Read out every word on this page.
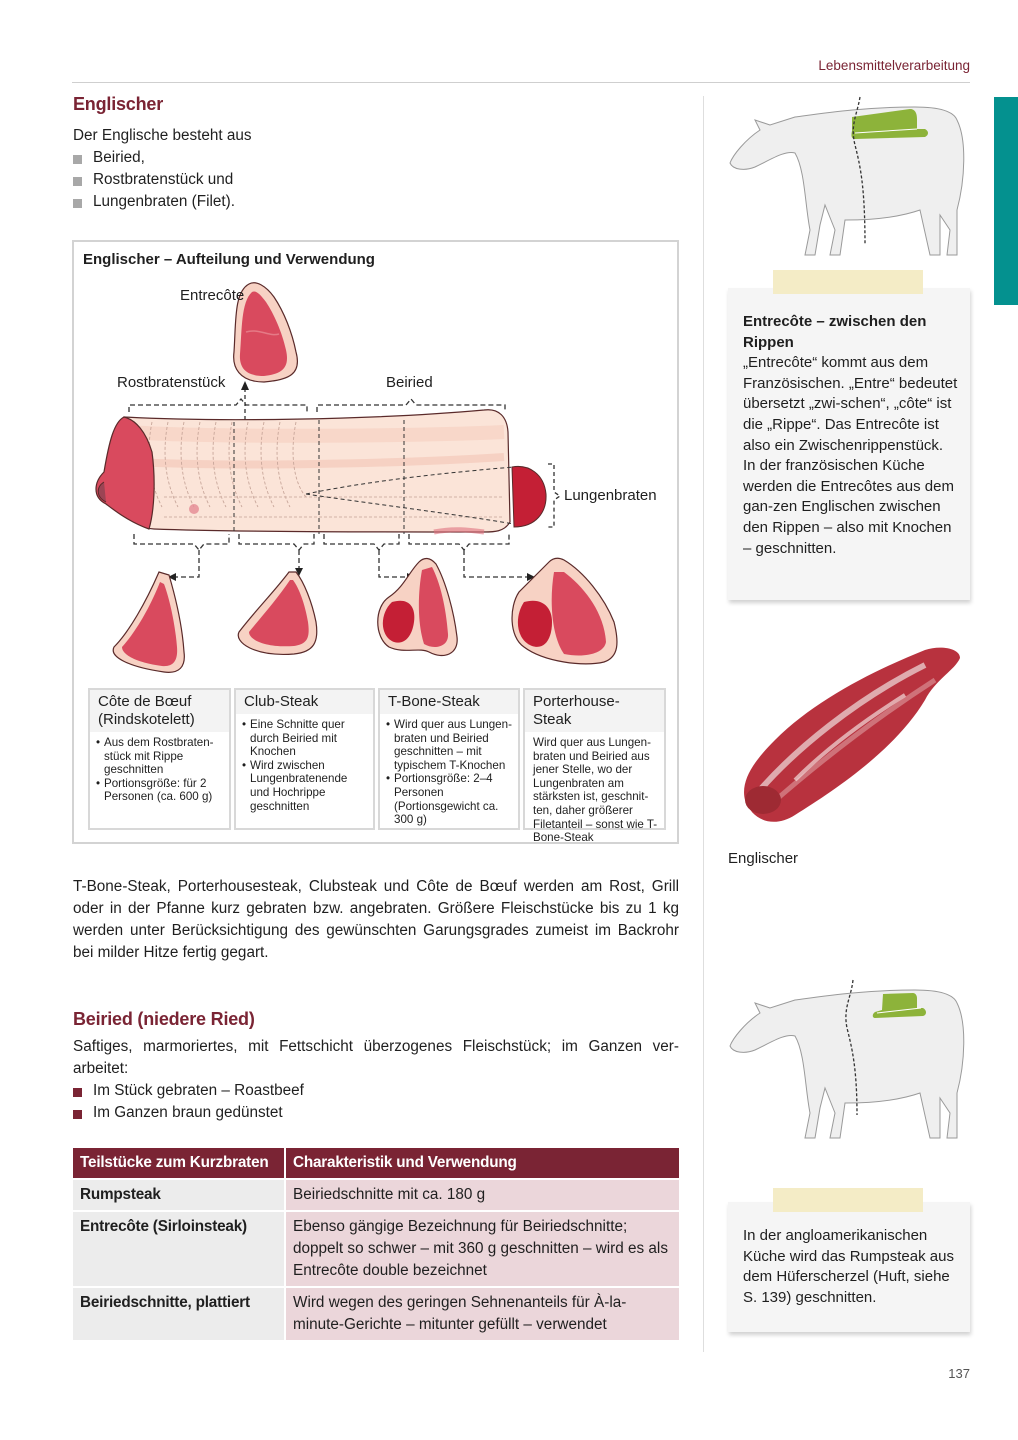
Lebensmittelverarbeitung
137
Englischer

Der Englische besteht aus

Beiried,
Rostbratenstück und
Lungenbraten (Filet).
Englischer – Aufteilung und Verwendung
Entrecôte
Rostbratenstück	Beiried
Lungenbraten
Côte de Bœuf (Rindskotelett)
• Aus dem Rostbraten-stück mit Rippe geschnitten
• Portionsgröße: für 2 Personen (ca. 600 g)
Club-Steak
• Eine Schnitte quer durch Beiried mit Knochen
• Wird zwischen Lungenbratenende und Hochrippe geschnitten
T-Bone-Steak
• Wird quer aus Lungen-braten und Beiried geschnitten – mit typischem T-Knochen
• Portionsgröße: 2–4 Personen (Portionsgewicht ca. 300 g)
Porterhouse-Steak
Wird quer aus Lungen-braten und Beiried aus jener Stelle, wo der Lungenbraten am stärksten ist, geschnit-ten, daher größerer Filetanteil – sonst wie T-Bone-Steak

T-Bone-Steak, Porterhousesteak, Clubsteak und Côte de Bœuf werden am Rost, Grill oder in der Pfanne kurz gebraten bzw. angebraten. Größere Fleischstücke bis zu 1 kg werden unter Berücksichtigung des gewünschten Garungsgrades zumeist im Backrohr bei milder Hitze fertig gegart.

Beiried (niedere Ried)

Saftiges, marmoriertes, mit Fettschicht überzogenes Fleischstück; im Ganzen ver-arbeitet:

Im Stück gebraten – Roastbeef
Im Ganzen braun gedünstet
Teilstücke zum Kurzbraten	Charakteristik und Verwendung
Rumpsteak	Beiriedschnitte mit ca. 180 g
Entrecôte (Sirloinsteak)	Ebenso gängige Bezeichnung für Beiriedschnitte; doppelt so schwer – mit 360 g geschnitten – wird es als Entrecôte double bezeichnet
Beiriedschnitte, plattiert	Wird wegen des geringen Sehnenanteils für À-la-minute-Gerichte – mitunter gefüllt – verwendet
Entrecôte – zwischen den Rippen
„Entrecôte“ kommt aus dem Französischen. „Entre“ bedeutet übersetzt „zwi-schen“, „côte“ ist die „Rippe“. Das Entrecôte ist also ein Zwischenrippenstück. In der französischen Küche werden die Entrecôtes aus dem gan-zen Englischen zwischen den Rippen – also mit Knochen – geschnitten.
Englischer
In der angloamerikanischen Küche wird das Rumpsteak aus dem Hüferscherzel (Huft, siehe S. 139) geschnitten.
